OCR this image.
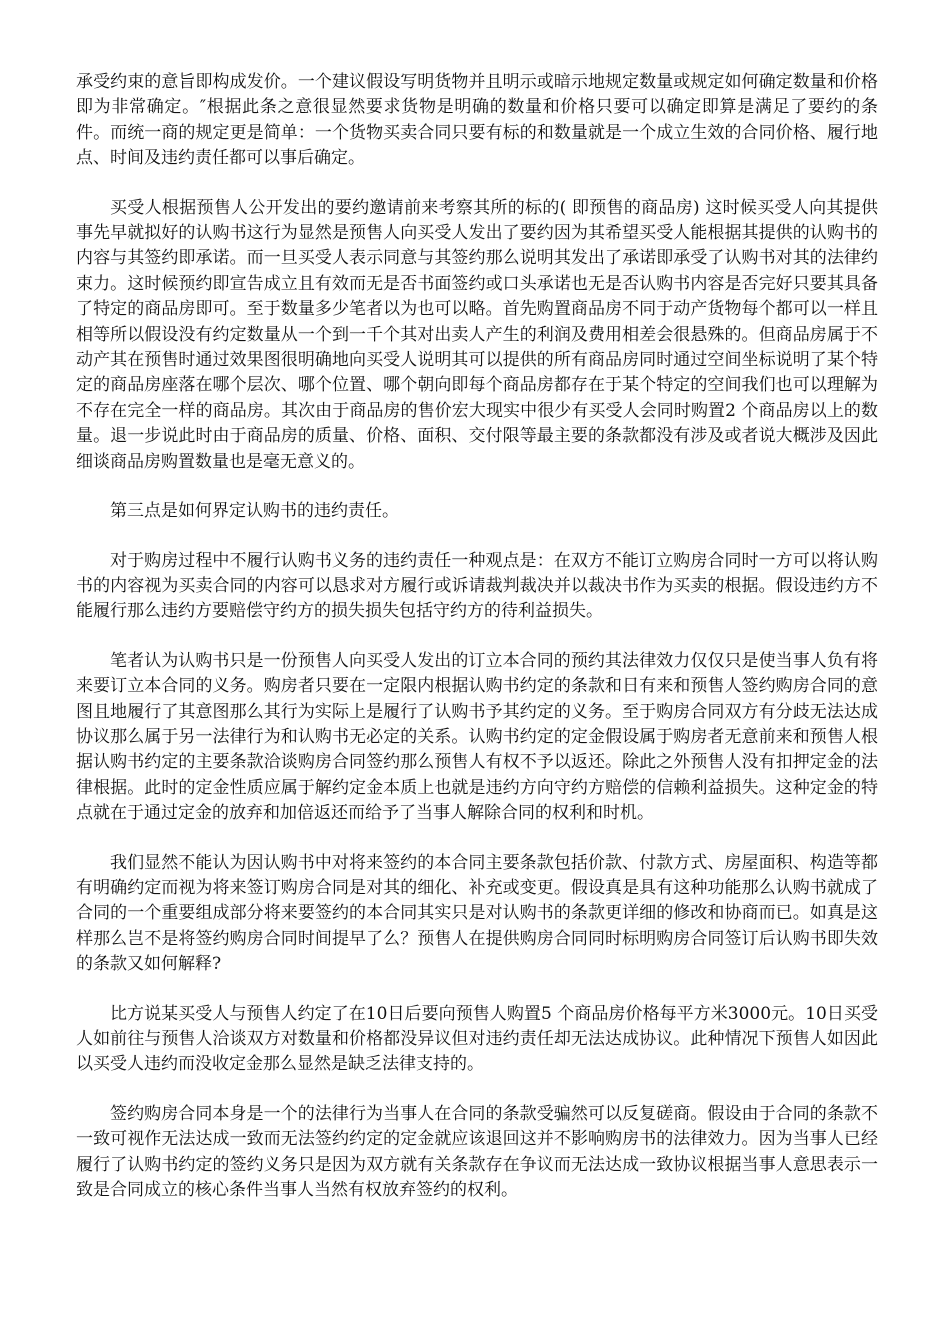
承受约束的意旨即构成发价。一个建议假设写明货物并且明示或暗示地规定数量或规定如何确定数量和价格即为非常确定。″根据此条之意很显然要求货物是明确的数量和价格只要可以确定即算是满足了要约的条件。而统一商的规定更是简单：一个货物买卖合同只要有标的和数量就是一个成立生效的合同价格、履行地点、时间及违约责任都可以事后确定。

买受人根据预售人公开发出的要约邀请前来考察其所的标的( 即预售的商品房) 这时候买受人向其提供事先早就拟好的认购书这行为显然是预售人向买受人发出了要约因为其希望买受人能根据其提供的认购书的内容与其签约即承诺。而一旦买受人表示同意与其签约那么说明其发出了承诺即承受了认购书对其的法律约束力。这时候预约即宣告成立且有效而无是否书面签约或口头承诺也无是否认购书内容是否完好只要其具备了特定的商品房即可。至于数量多少笔者以为也可以略。首先购置商品房不同于动产货物每个都可以一样且相等所以假设没有约定数量从一个到一千个其对出卖人产生的利润及费用相差会很悬殊的。但商品房属于不动产其在预售时通过效果图很明确地向买受人说明其可以提供的所有商品房同时通过空间坐标说明了某个特定的商品房座落在哪个层次、哪个位置、哪个朝向即每个商品房都存在于某个特定的空间我们也可以理解为不存在完全一样的商品房。其次由于商品房的售价宏大现实中很少有买受人会同时购置2 个商品房以上的数量。退一步说此时由于商品房的质量、价格、面积、交付限等最主要的条款都没有涉及或者说大概涉及因此细谈商品房购置数量也是毫无意义的。

第三点是如何界定认购书的违约责任。

对于购房过程中不履行认购书义务的违约责任一种观点是：在双方不能订立购房合同时一方可以将认购书的内容视为买卖合同的内容可以恳求对方履行或诉请裁判裁决并以裁决书作为买卖的根据。假设违约方不能履行那么违约方要赔偿守约方的损失损失包括守约方的待利益损失。

笔者认为认购书只是一份预售人向买受人发出的订立本合同的预约其法律效力仅仅只是使当事人负有将来要订立本合同的义务。购房者只要在一定限内根据认购书约定的条款和日有来和预售人签约购房合同的意图且地履行了其意图那么其行为实际上是履行了认购书予其约定的义务。至于购房合同双方有分歧无法达成协议那么属于另一法律行为和认购书无必定的关系。认购书约定的定金假设属于购房者无意前来和预售人根据认购书约定的主要条款洽谈购房合同签约那么预售人有权不予以返还。除此之外预售人没有扣押定金的法律根据。此时的定金性质应属于解约定金本质上也就是违约方向守约方赔偿的信赖利益损失。这种定金的特点就在于通过定金的放弃和加倍返还而给予了当事人解除合同的权利和时机。

我们显然不能认为因认购书中对将来签约的本合同主要条款包括价款、付款方式、房屋面积、构造等都有明确约定而视为将来签订购房合同是对其的细化、补充或变更。假设真是具有这种功能那么认购书就成了合同的一个重要组成部分将来要签约的本合同其实只是对认购书的条款更详细的修改和协商而已。如真是这样那么岂不是将签约购房合同时间提早了么？预售人在提供购房合同同时标明购房合同签订后认购书即失效的条款又如何解释?

比方说某买受人与预售人约定了在10日后要向预售人购置5 个商品房价格每平方米3000元。10日买受人如前往与预售人洽谈双方对数量和价格都没异议但对违约责任却无法达成协议。此种情况下预售人如因此以买受人违约而没收定金那么显然是缺乏法律支持的。

签约购房合同本身是一个的法律行为当事人在合同的条款受骗然可以反复磋商。假设由于合同的条款不一致可视作无法达成一致而无法签约约定的定金就应该退回这并不影响购房书的法律效力。因为当事人已经履行了认购书约定的签约义务只是因为双方就有关条款存在争议而无法达成一致协议根据当事人意思表示一致是合同成立的核心条件当事人当然有权放弃签约的权利。
